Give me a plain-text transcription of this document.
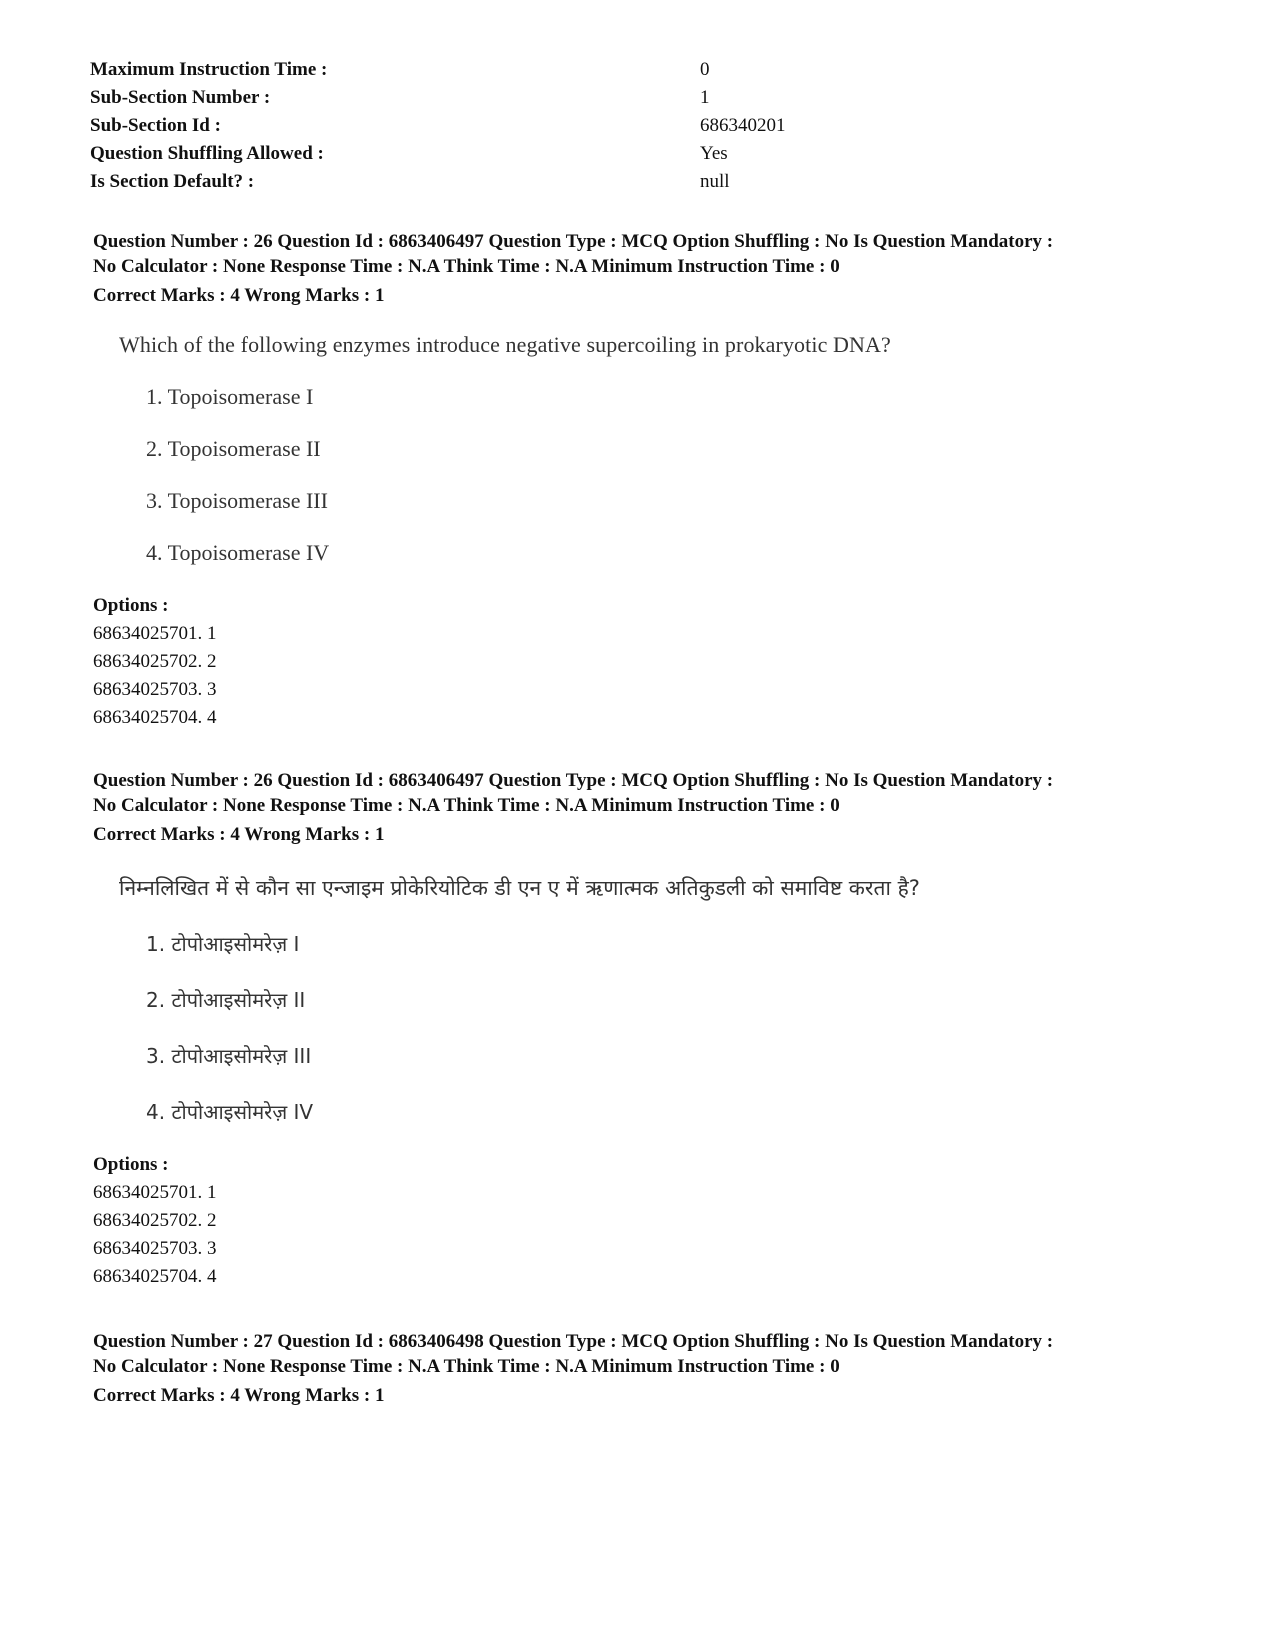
Maximum Instruction Time :	0
Sub-Section Number :	1
Sub-Section Id :	686340201
Question Shuffling Allowed :	Yes
Is Section Default? :	null
Question Number : 26 Question Id : 6863406497 Question Type : MCQ Option Shuffling : No Is Question Mandatory :
No Calculator : None Response Time : N.A Think Time : N.A Minimum Instruction Time : 0
Correct Marks : 4 Wrong Marks : 1
Which of the following enzymes introduce negative supercoiling in prokaryotic DNA?
1. Topoisomerase I
2. Topoisomerase II
3. Topoisomerase III
4. Topoisomerase IV
Options :
68634025701. 1
68634025702. 2
68634025703. 3
68634025704. 4
Question Number : 26 Question Id : 6863406497 Question Type : MCQ Option Shuffling : No Is Question Mandatory :
No Calculator : None Response Time : N.A Think Time : N.A Minimum Instruction Time : 0
Correct Marks : 4 Wrong Marks : 1
निम्नलिखित में से कौन सा एन्जाइम प्रोकेरियोटिक डी एन ए में ऋणात्मक अतिकुडली को समाविष्ट करता है?
1. टोपोआइसोमरेज़ I
2. टोपोआइसोमरेज़ II
3. टोपोआइसोमरेज़ III
4. टोपोआइसोमरेज़ IV
Options :
68634025701. 1
68634025702. 2
68634025703. 3
68634025704. 4
Question Number : 27 Question Id : 6863406498 Question Type : MCQ Option Shuffling : No Is Question Mandatory :
No Calculator : None Response Time : N.A Think Time : N.A Minimum Instruction Time : 0
Correct Marks : 4 Wrong Marks : 1
